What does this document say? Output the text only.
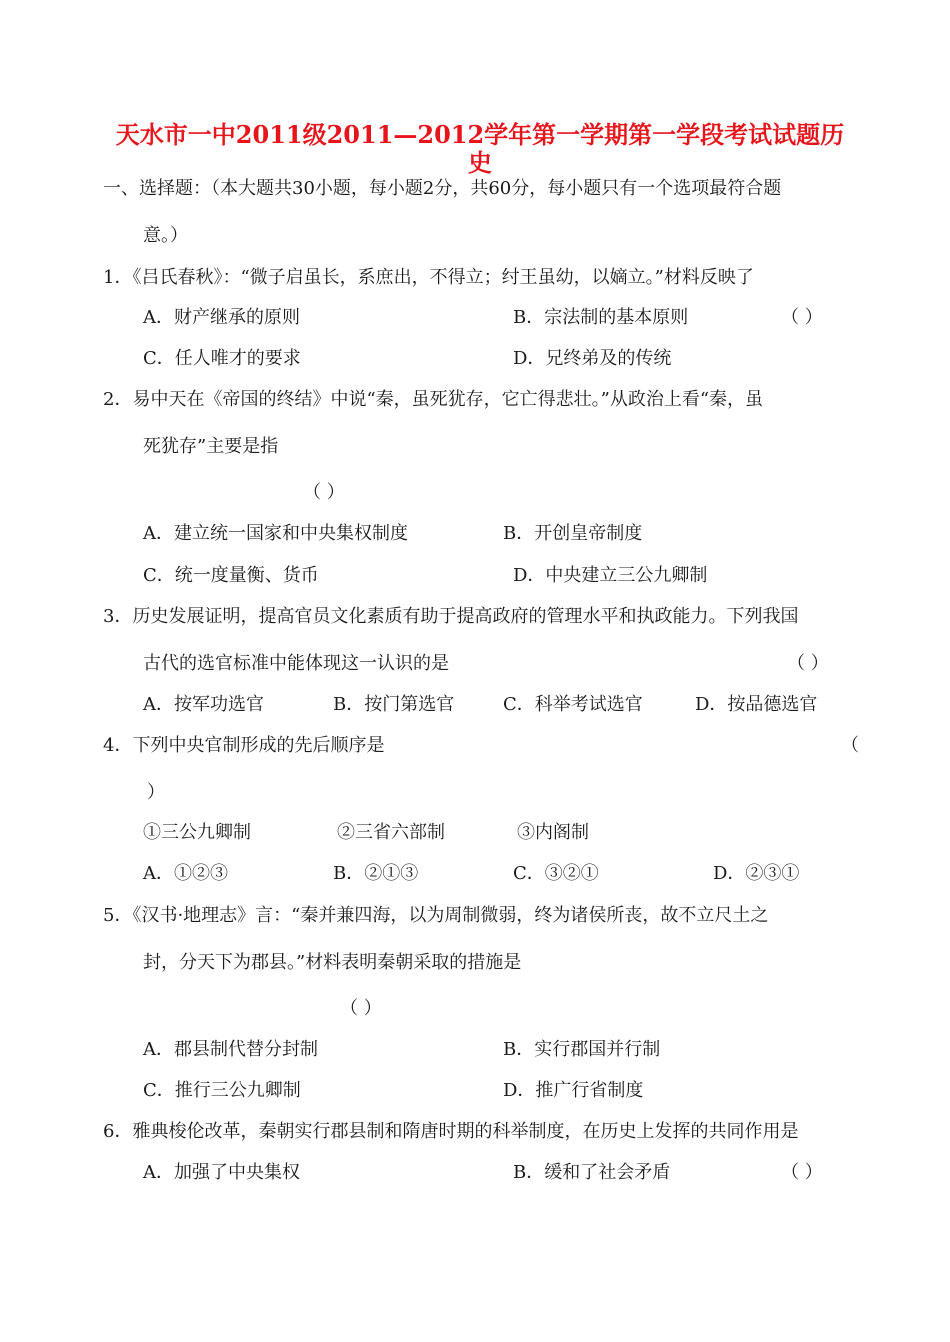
天水市一中2011级2011—2012学年第一学期第一学段考试试题历
史
一、选择题：（本大题共30小题，每小题2分，共60分，每小题只有一个选项最符合题
意。）
1．《吕氏春秋》：“微子启虽长，系庶出，不得立；纣王虽幼，以嫡立。”材料反映了
A．财产继承的原则	B．宗法制的基本原则	（ ）
C．任人唯才的要求	D．兄终弟及的传统
2．易中天在《帝国的终结》中说“秦，虽死犹存，它亡得悲壮。”从政治上看“秦，虽
死犹存”主要是指
（ ）
A．建立统一国家和中央集权制度	B．开创皇帝制度
C．统一度量衡、货币	D．中央建立三公九卿制
3．历史发展证明，提高官员文化素质有助于提高政府的管理水平和执政能力。下列我国
古代的选官标准中能体现这一认识的是	（ ）
A．按军功选官	B．按门第选官	C．科举考试选官	D．按品德选官
4．下列中央官制形成的先后顺序是	（
）
①三公九卿制	②三省六部制	③内阁制
A．①②③	B．②①③	C．③②①	D．②③①
5．《汉书·地理志》言：“秦并兼四海，以为周制微弱，终为诸侯所丧，故不立尺土之
封，分天下为郡县。”材料表明秦朝采取的措施是
（ ）
A．郡县制代替分封制	B．实行郡国并行制
C．推行三公九卿制	D．推广行省制度
6．雅典梭伦改革，秦朝实行郡县制和隋唐时期的科举制度，在历史上发挥的共同作用是
A．加强了中央集权	B．缓和了社会矛盾	（ ）
